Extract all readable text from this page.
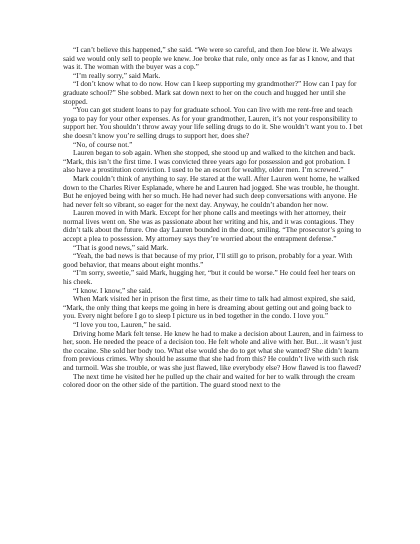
“I can’t believe this happened,” she said. “We were so careful, and then Joe blew it. We always said we would only sell to people we knew. Joe broke that rule, only once as far as I know, and that was it. The woman with the buyer was a cop.”

“I’m really sorry,” said Mark.

“I don’t know what to do now. How can I keep supporting my grandmother?” How can I pay for graduate school?” She sobbed. Mark sat down next to her on the couch and hugged her until she stopped.

“You can get student loans to pay for graduate school. You can live with me rent-free and teach yoga to pay for your other expenses. As for your grandmother, Lauren, it’s not your responsibility to support her. You shouldn’t throw away your life selling drugs to do it. She wouldn’t want you to. I bet she doesn’t know you’re selling drugs to support her, does she?

“No, of course not.”

Lauren began to sob again. When she stopped, she stood up and walked to the kitchen and back. “Mark, this isn’t the first time. I was convicted three years ago for possession and got probation. I also have a prostitution conviction. I used to be an escort for wealthy, older men. I’m screwed.”

Mark couldn’t think of anything to say. He stared at the wall. After Lauren went home, he walked down to the Charles River Esplanade, where he and Lauren had jogged. She was trouble, he thought. But he enjoyed being with her so much. He had never had such deep conversations with anyone. He had never felt so vibrant, so eager for the next day. Anyway, he couldn’t abandon her now.

Lauren moved in with Mark. Except for her phone calls and meetings with her attorney, their normal lives went on. She was as passionate about her writing and his, and it was contagious. They didn’t talk about the future. One day Lauren bounded in the door, smiling. “The prosecutor’s going to accept a plea to possession. My attorney says they’re worried about the entrapment defense.”

“That is good news,” said Mark.

“Yeah, the bad news is that because of my prior, I’ll still go to prison, probably for a year. With good behavior, that means about eight months.”

“I’m sorry, sweetie,” said Mark, hugging her, “but it could be worse.” He could feel her tears on his cheek.

“I know. I know,” she said.

When Mark visited her in prison the first time, as their time to talk had almost expired, she said, “Mark, the only thing that keeps me going in here is dreaming about getting out and going back to you. Every night before I go to sleep I picture us in bed together in the condo. I love you.”

“I love you too, Lauren,” he said.

Driving home Mark felt tense. He knew he had to make a decision about Lauren, and in fairness to her, soon. He needed the peace of a decision too. He felt whole and alive with her. But…it wasn’t just the cocaine. She sold her body too. What else would she do to get what she wanted? She didn’t learn from previous crimes. Why should he assume that she had from this? He couldn’t live with such risk and turmoil. Was she trouble, or was she just flawed, like everybody else? How flawed is too flawed?

The next time he visited her he pulled up the chair and waited for her to walk through the cream colored door on the other side of the partition. The guard stood next to the
